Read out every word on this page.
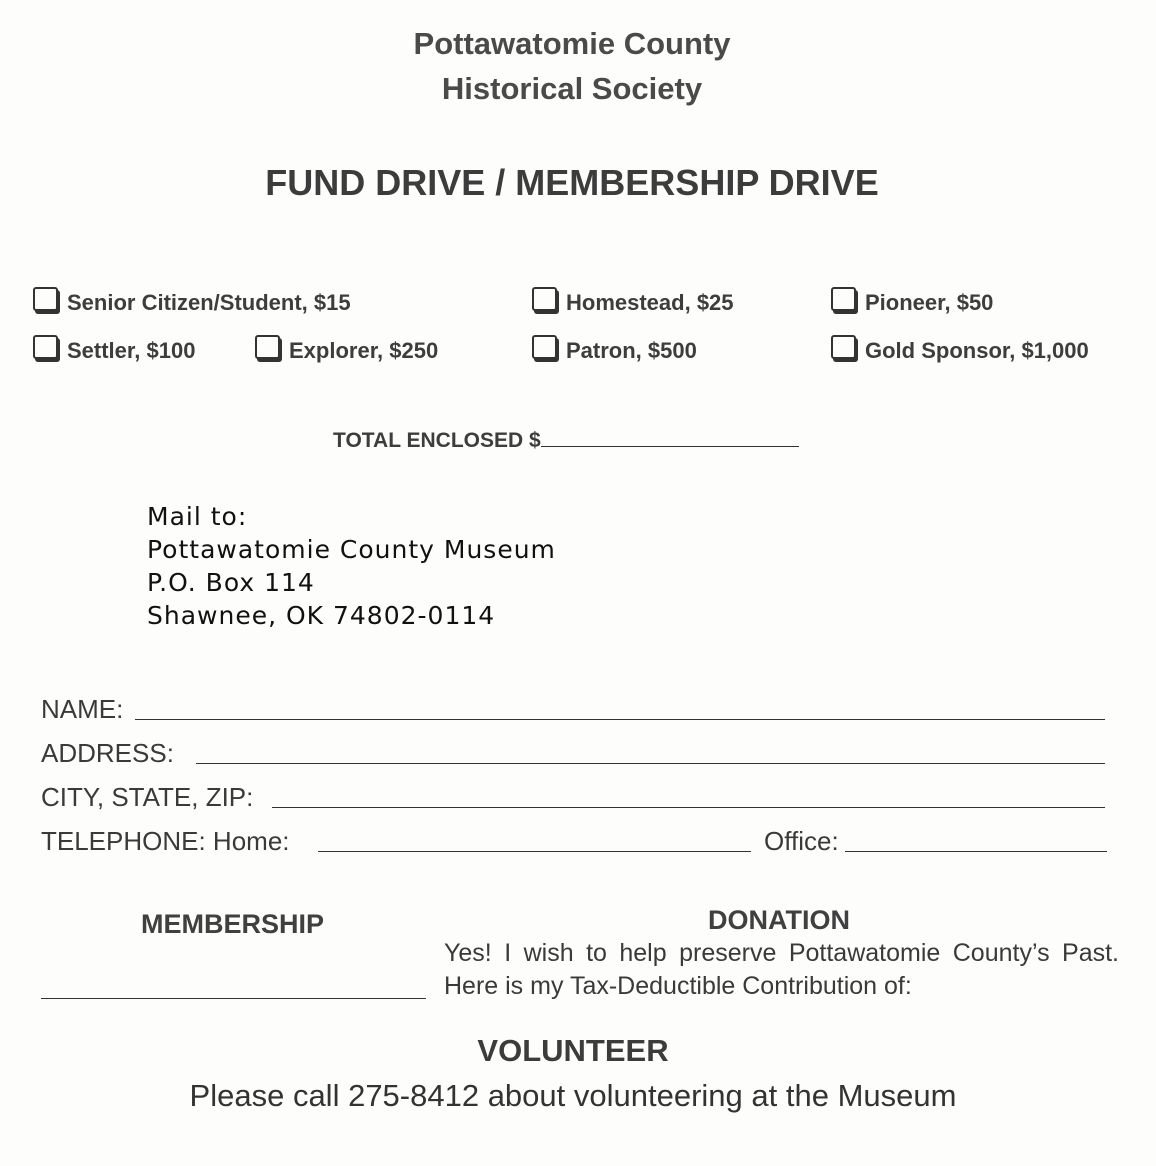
Pottawatomie County
Historical Society
FUND DRIVE / MEMBERSHIP DRIVE
Senior Citizen/Student, $15	Homestead, $25	Pioneer, $50
Settler, $100	Explorer, $250	Patron, $500	Gold Sponsor, $1,000
TOTAL ENCLOSED $
Mail to:
Pottawatomie County Museum
P.O. Box 114
Shawnee, OK 74802-0114
NAME:
ADDRESS:
CITY, STATE, ZIP:
TELEPHONE: Home:	Office:
MEMBERSHIP	DONATION
Yes! I wish to help preserve Pottawatomie County’s Past. Here is my Tax-Deductible Contribution of:
VOLUNTEER
Please call 275-8412 about volunteering at the Museum
